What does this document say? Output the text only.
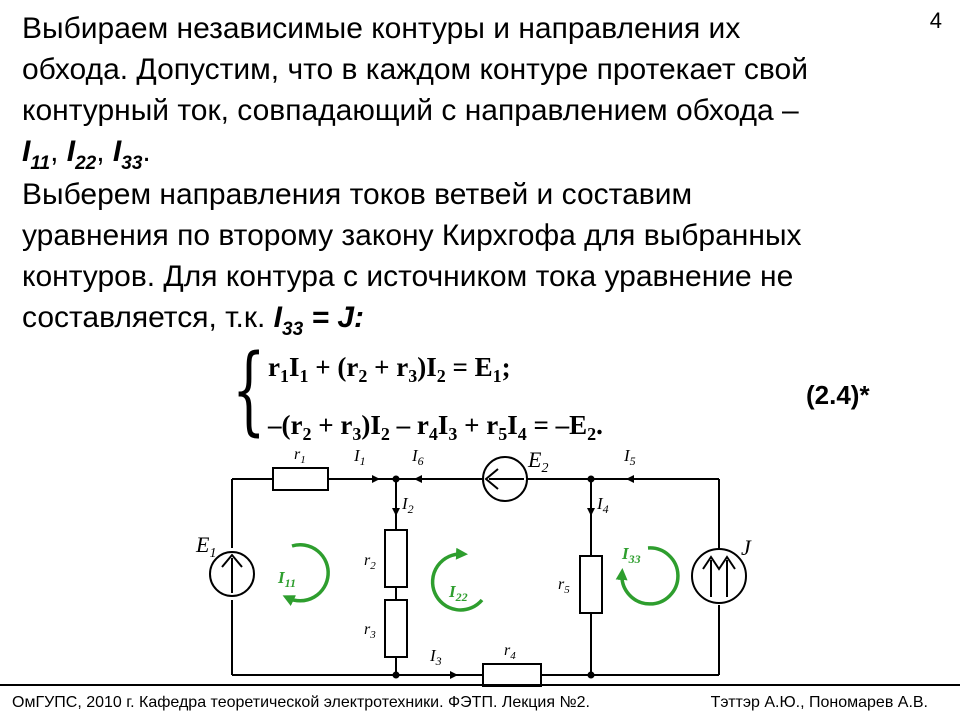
4
Выбираем независимые контуры и направления их
обхода. Допустим, что в каждом контуре протекает свой
контурный ток, совпадающий с направлением обхода –
$I_{11}$, $I_{22}$, $I_{33}$.
Выберем направления токов ветвей и составим
уравнения по второму закону Кирхгофа для выбранных
контуров. Для контура с источником тока уравнение не
составляется, т.к. $I_{33} = J$:
{ $r_1I_1 + (r_2 + r_3)I_2 = E_1$;
$-(r_2 + r_3)I_2 - r_4I_3 + r_5I_4 = -E_2$.
(2.4)*
$r_1$	$I_1$	$I_6$	$E_2$
$I_5$
$I_2$	$I_4$
$E_1$	J
$r_2$
$r_3$
$r_5$
$I_3$
$r_4$
$I_{11}$	$I_{22}$
$I_{33}$
ОмГУПС, 2010 г. Кафедра теоретической электротехники. ФЭТП. Лекция №2.	Тэттэр А.Ю., Пономарев А.В.
